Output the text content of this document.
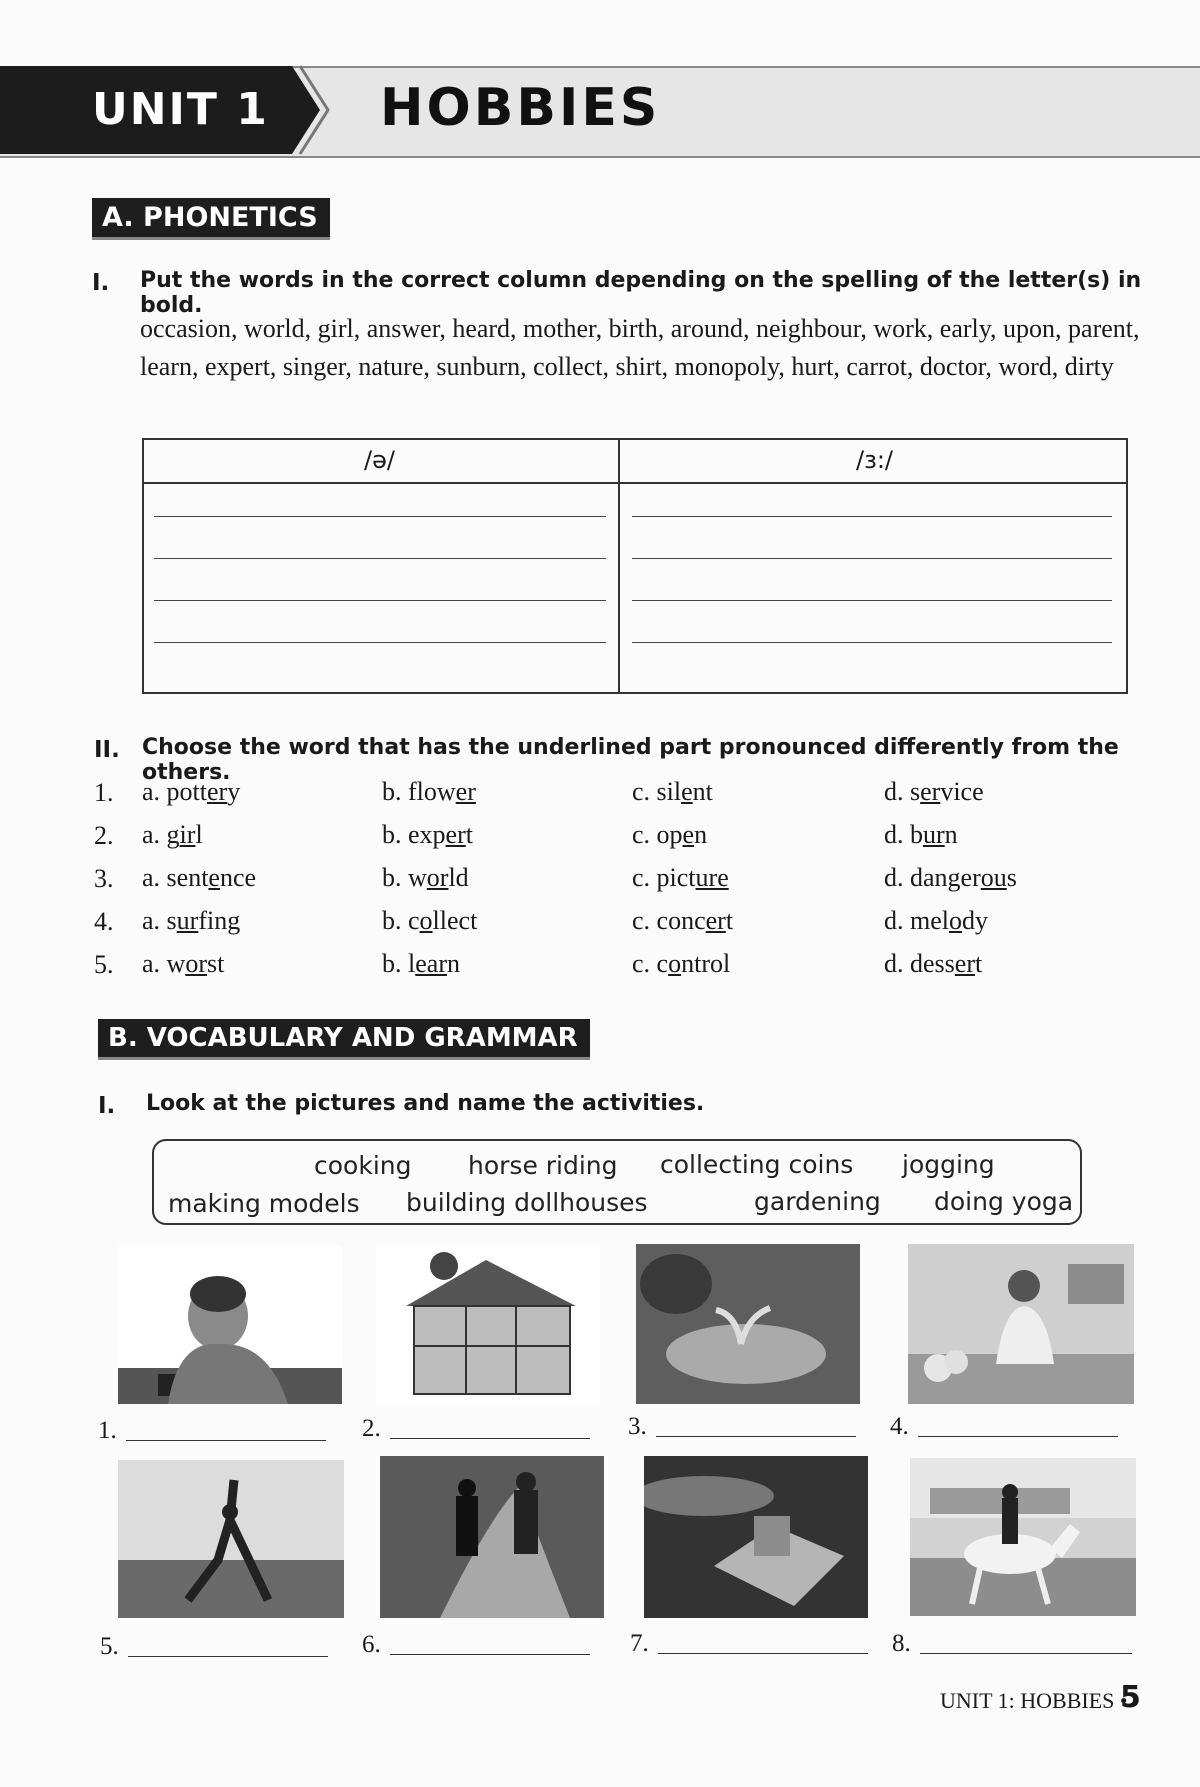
UNIT 1 HOBBIES
A. PHONETICS
I. Put the words in the correct column depending on the spelling of the letter(s) in bold.
occasion, world, girl, answer, heard, mother, birth, around, neighbour, work, early, upon, parent, learn, expert, singer, nature, sunburn, collect, shirt, monopoly, hurt, carrot, doctor, word, dirty
/ə/	/ɜ:/
II. Choose the word that has the underlined part pronounced differently from the others.
1. a. pottery	b. flower	c. silent	d. service
2. a. girl	b. expert	c. open	d. burn
3. a. sentence	b. world	c. picture	d. dangerous
4. a. surfing	b. collect	c. concert	d. melody
5. a. worst	b. learn	c. control	d. dessert
B. VOCABULARY AND GRAMMAR
I. Look at the pictures and name the activities.
cooking horse riding collecting coins jogging
making models building dollhouses	gardening doing yoga
1.	2.	3.	4.
5.	6.	7.	8.
UNIT 1: HOBBIES •
5
